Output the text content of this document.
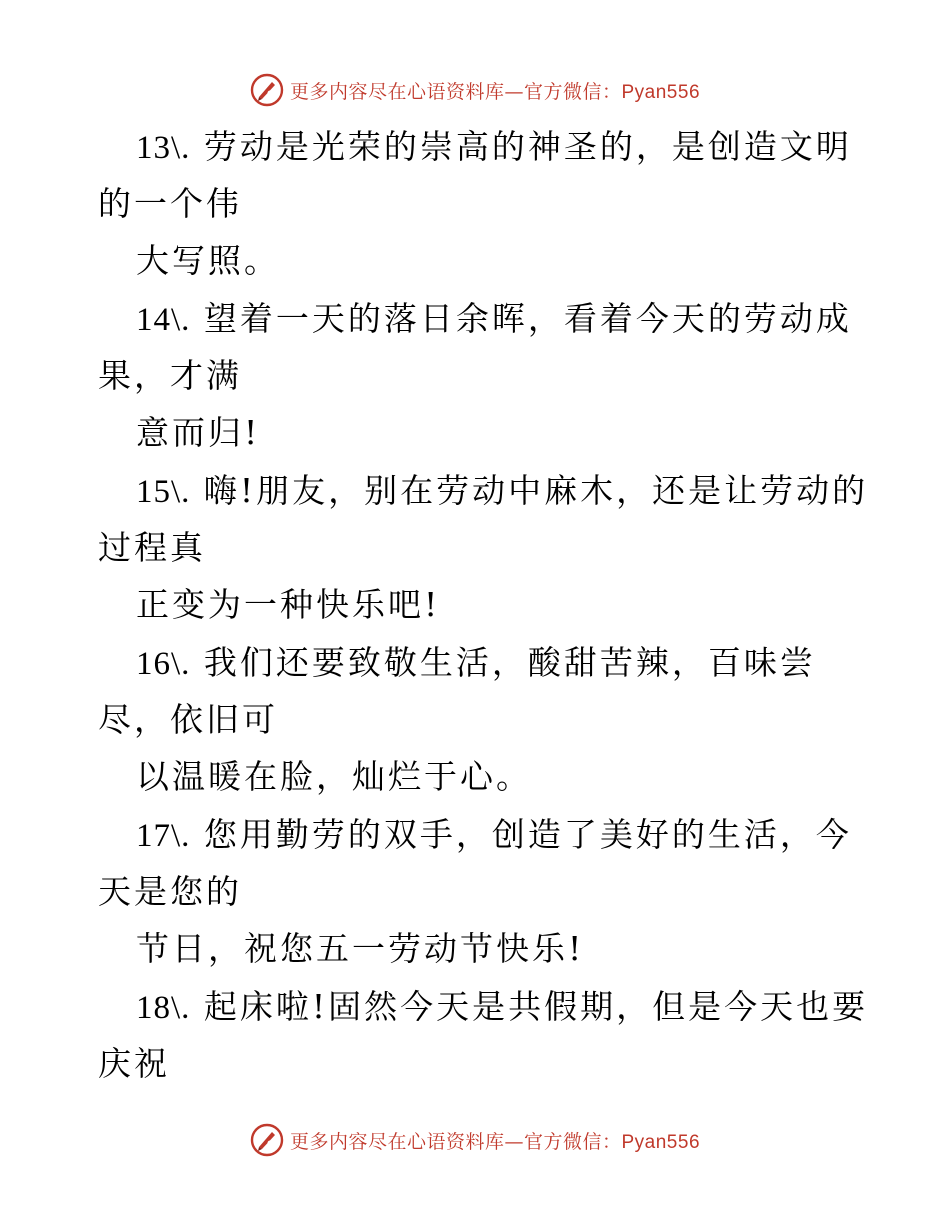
更多内容尽在心语资料库—官方微信：Pyan556
13\. 劳动是光荣的崇高的神圣的，是创造文明
的一个伟
大写照。
14\. 望着一天的落日余晖，看着今天的劳动成
果，才满
意而归!
15\. 嗨!朋友，别在劳动中麻木，还是让劳动的
过程真
正变为一种快乐吧!
16\. 我们还要致敬生活，酸甜苦辣，百味尝
尽，依旧可
以温暖在脸，灿烂于心。
17\. 您用勤劳的双手，创造了美好的生活，今
天是您的
节日，祝您五一劳动节快乐!
18\. 起床啦!固然今天是共假期，但是今天也要
庆祝
更多内容尽在心语资料库—官方微信：Pyan556
